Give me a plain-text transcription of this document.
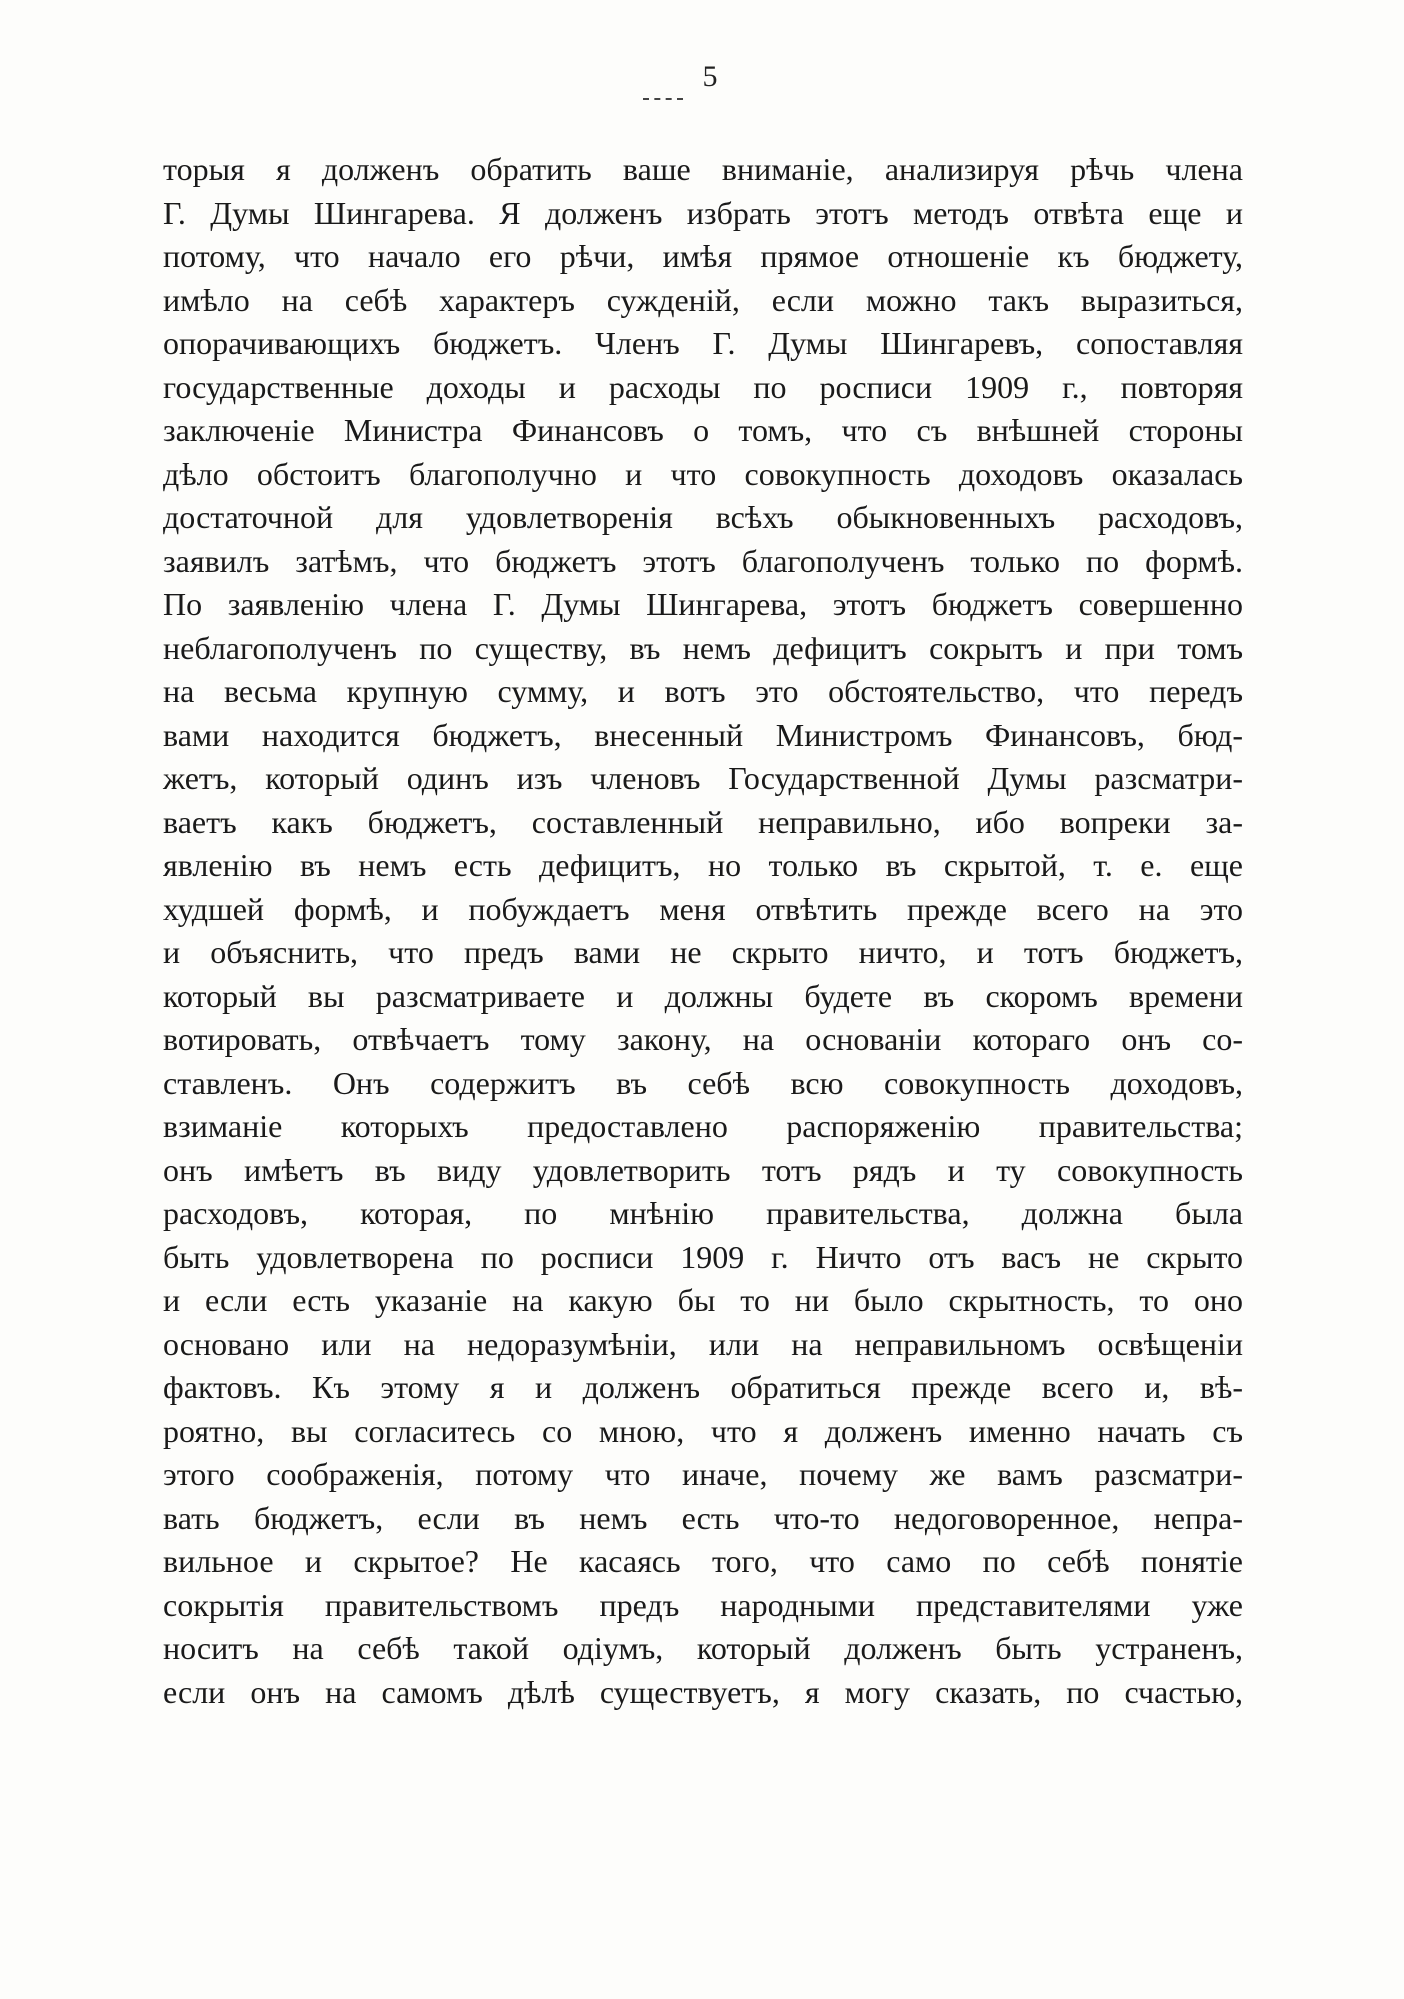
5
торыя я долженъ обратить ваше вниманіе, анализируя рѣчь члена
Г. Думы Шингарева. Я долженъ избрать этотъ методъ отвѣта еще и
потому, что начало его рѣчи, имѣя прямое отношеніе къ бюджету,
имѣло на себѣ характеръ сужденій, если можно такъ выразиться,
опорачивающихъ бюджетъ. Членъ Г. Думы Шингаревъ, сопоставляя
государственные доходы и расходы по росписи 1909 г., повторяя
заключеніе Министра Финансовъ о томъ, что съ внѣшней стороны
дѣло обстоитъ благополучно и что совокупность доходовъ оказалась
достаточной для удовлетворенія всѣхъ обыкновенныхъ расходовъ,
заявилъ затѣмъ, что бюджетъ этотъ благополученъ только по формѣ.
По заявленію члена Г. Думы Шингарева, этотъ бюджетъ совершенно
неблагополученъ по существу, въ немъ дефицитъ сокрытъ и при томъ
на весьма крупную сумму, и вотъ это обстоятельство, что передъ
вами находится бюджетъ, внесенный Министромъ Финансовъ, бюд-
жетъ, который одинъ изъ членовъ Государственной Думы разсматри-
ваетъ какъ бюджетъ, составленный неправильно, ибо вопреки за-
явленію въ немъ есть дефицитъ, но только въ скрытой, т. е. еще
худшей формѣ, и побуждаетъ меня отвѣтить прежде всего на это
и объяснить, что предъ вами не скрыто ничто, и тотъ бюджетъ,
который вы разсматриваете и должны будете въ скоромъ времени
вотировать, отвѣчаетъ тому закону, на основаніи котораго онъ со-
ставленъ. Онъ содержитъ въ себѣ всю совокупность доходовъ,
взиманіе которыхъ предоставлено распоряженію правительства;
онъ имѣетъ въ виду удовлетворить тотъ рядъ и ту совокупность
расходовъ, которая, по мнѣнію правительства, должна была
быть удовлетворена по росписи 1909 г. Ничто отъ васъ не скрыто
и если есть указаніе на какую бы то ни было скрытность, то оно
основано или на недоразумѣніи, или на неправильномъ освѣщеніи
фактовъ. Къ этому я и долженъ обратиться прежде всего и, вѣ-
роятно, вы согласитесь со мною, что я долженъ именно начать съ
этого соображенія, потому что иначе, почему же вамъ разсматри-
вать бюджетъ, если въ немъ есть что-то недоговоренное, непра-
вильное и скрытое? Не касаясь того, что само по себѣ понятіе
сокрытія правительствомъ предъ народными представителями уже
носитъ на себѣ такой одіумъ, который долженъ быть устраненъ,
если онъ на самомъ дѣлѣ существуетъ, я могу сказать, по счастью,
